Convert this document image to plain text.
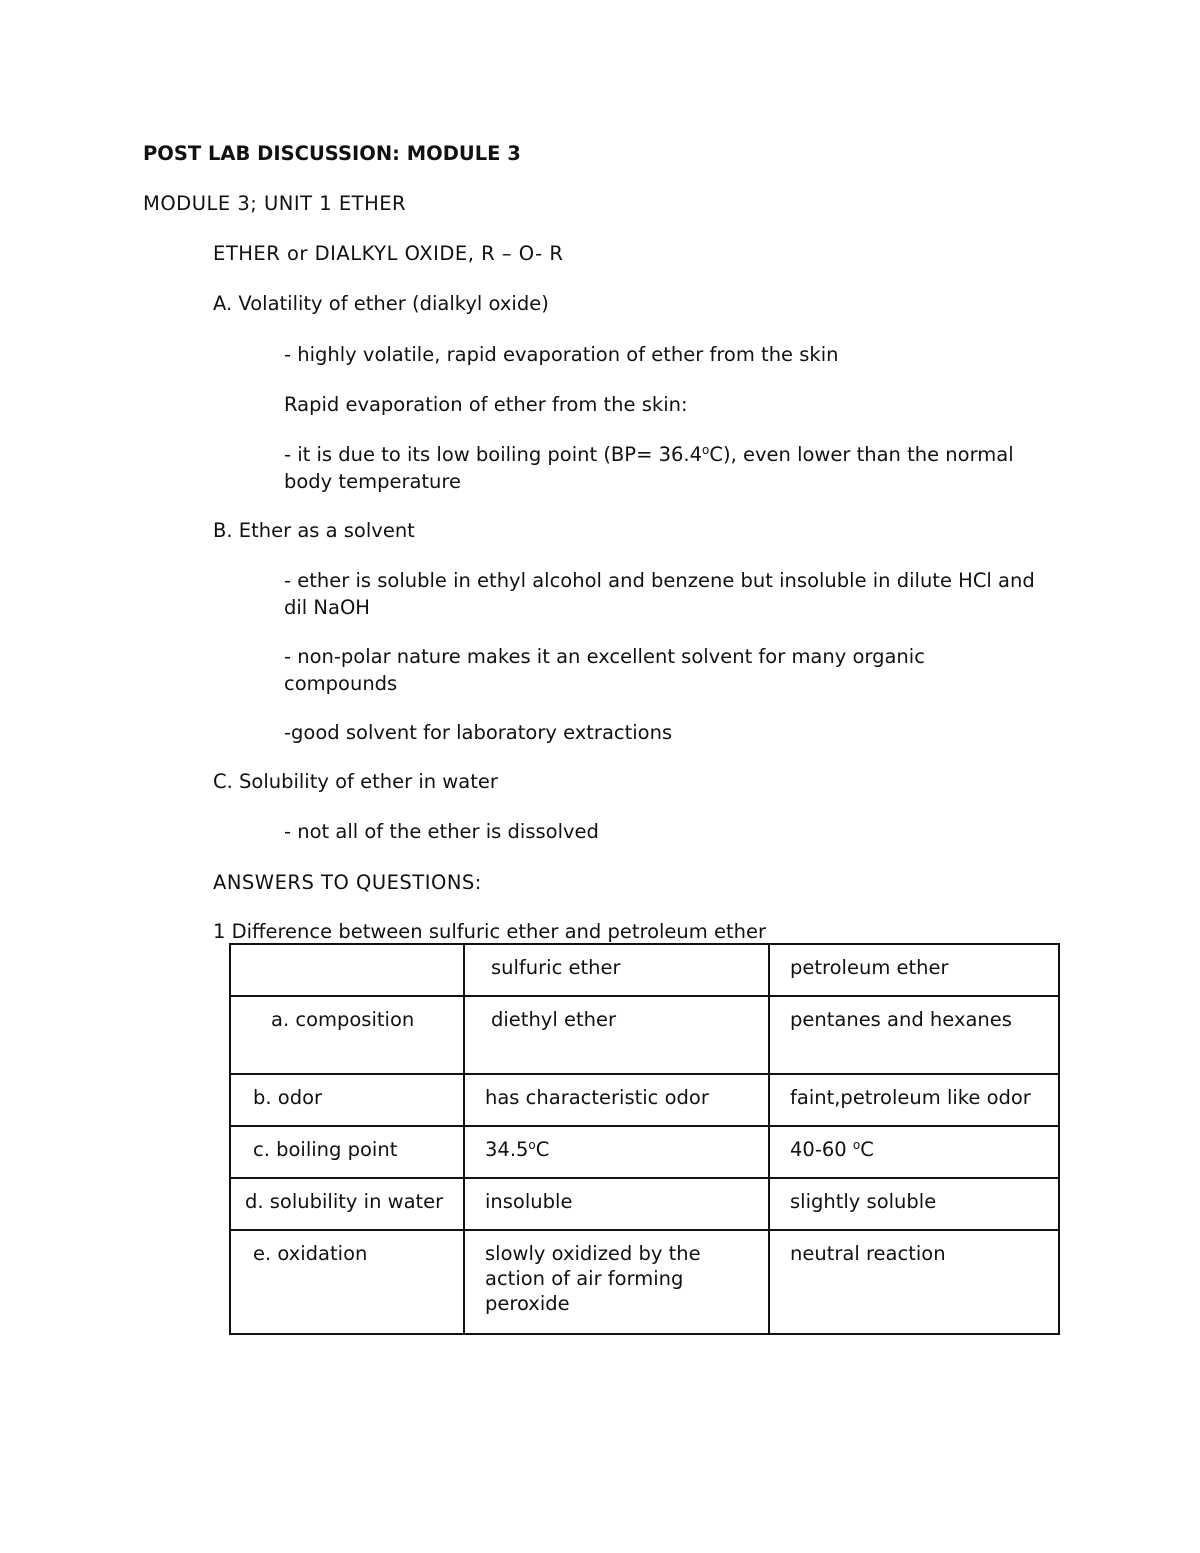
POST LAB DISCUSSION: MODULE 3

MODULE 3; UNIT 1 ETHER

ETHER or DIALKYL OXIDE, R – O- R

A. Volatility of ether (dialkyl oxide)

- highly volatile, rapid evaporation of ether from the skin

Rapid evaporation of ether from the skin:

- it is due to its low boiling point $(BP= 36.4^oC)$, even lower than the normal body temperature

B. Ether as a solvent

- ether is soluble in ethyl alcohol and benzene but insoluble in dilute HCl and dil NaOH

- non-polar nature makes it an excellent solvent for many organic compounds

-good solvent for laboratory extractions

C. Solubility of ether in water

- not all of the ether is dissolved

ANSWERS TO QUESTIONS:

1 Difference between sulfuric ether and petroleum ether

	sulfuric ether	petroleum ether
a. composition	diethyl ether	pentanes and hexanes
b. odor	has characteristic odor	faint,petroleum like odor
c. boiling point	34.5$^o$C	40-60 $^o$C
d. solubility in water	insoluble	slightly soluble
e. oxidation	slowly oxidized by the action of air forming peroxide	neutral reaction
